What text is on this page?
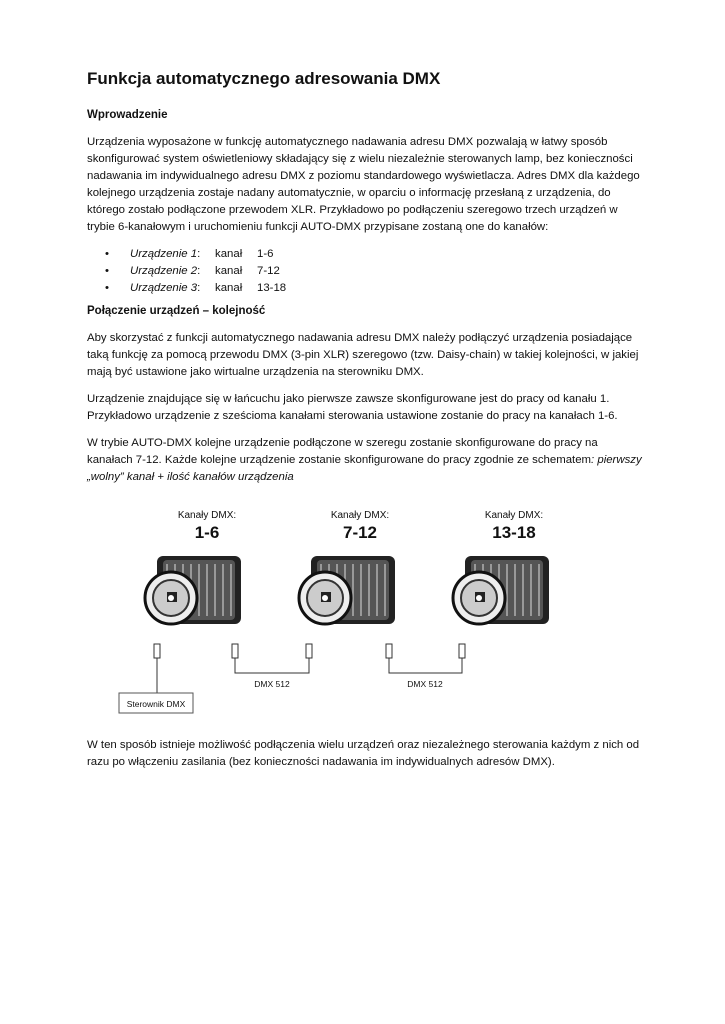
Funkcja automatycznego adresowania DMX
Wprowadzenie

Urządzenia wyposażone w funkcję automatycznego nadawania adresu DMX pozwalają w łatwy sposób skonfigurować system oświetleniowy składający się z wielu niezależnie sterowanych lamp, bez konieczności nadawania im indywidualnego adresu DMX z poziomu standardowego wyświetlacza. Adres DMX dla każdego kolejnego urządzenia zostaje nadany automatycznie, w oparciu o informację przesłaną z urządzenia, do którego zostało podłączone przewodem XLR. Przykładowo po podłączeniu szeregowo trzech urządzeń w trybie 6-kanałowym i uruchomieniu funkcji AUTO-DMX przypisane zostaną one do kanałów:

• Urządzenie 1: kanał 1-6
• Urządzenie 2: kanał 7-12
• Urządzenie 3: kanał 13-18
Połączenie urządzeń – kolejność

Aby skorzystać z funkcji automatycznego nadawania adresu DMX należy podłączyć urządzenia posiadające taką funkcję za pomocą przewodu DMX (3-pin XLR) szeregowo (tzw. Daisy-chain) w takiej kolejności, w jakiej mają być ustawione jako wirtualne urządzenia na sterowniku DMX.

Urządzenie znajdujące się w łańcuchu jako pierwsze zawsze skonfigurowane jest do pracy od kanału 1. Przykładowo urządzenie z sześcioma kanałami sterowania ustawione zostanie do pracy na kanałach 1-6.

W trybie AUTO-DMX kolejne urządzenie podłączone w szeregu zostanie skonfigurowane do pracy na kanałach 7-12. Każde kolejne urządzenie zostanie skonfigurowane do pracy zgodnie ze schematem: pierwszy „wolny” kanał + ilość kanałów urządzenia

Kanały DMX:
1-6
Kanały DMX:
7-12
Kanały DMX:
13-18
DMX 512	DMX 512
Sterownik DMX

W ten sposób istnieje możliwość podłączenia wielu urządzeń oraz niezależnego sterowania każdym z nich od razu po włączeniu zasilania (bez konieczności nadawania im indywidualnych adresów DMX).
